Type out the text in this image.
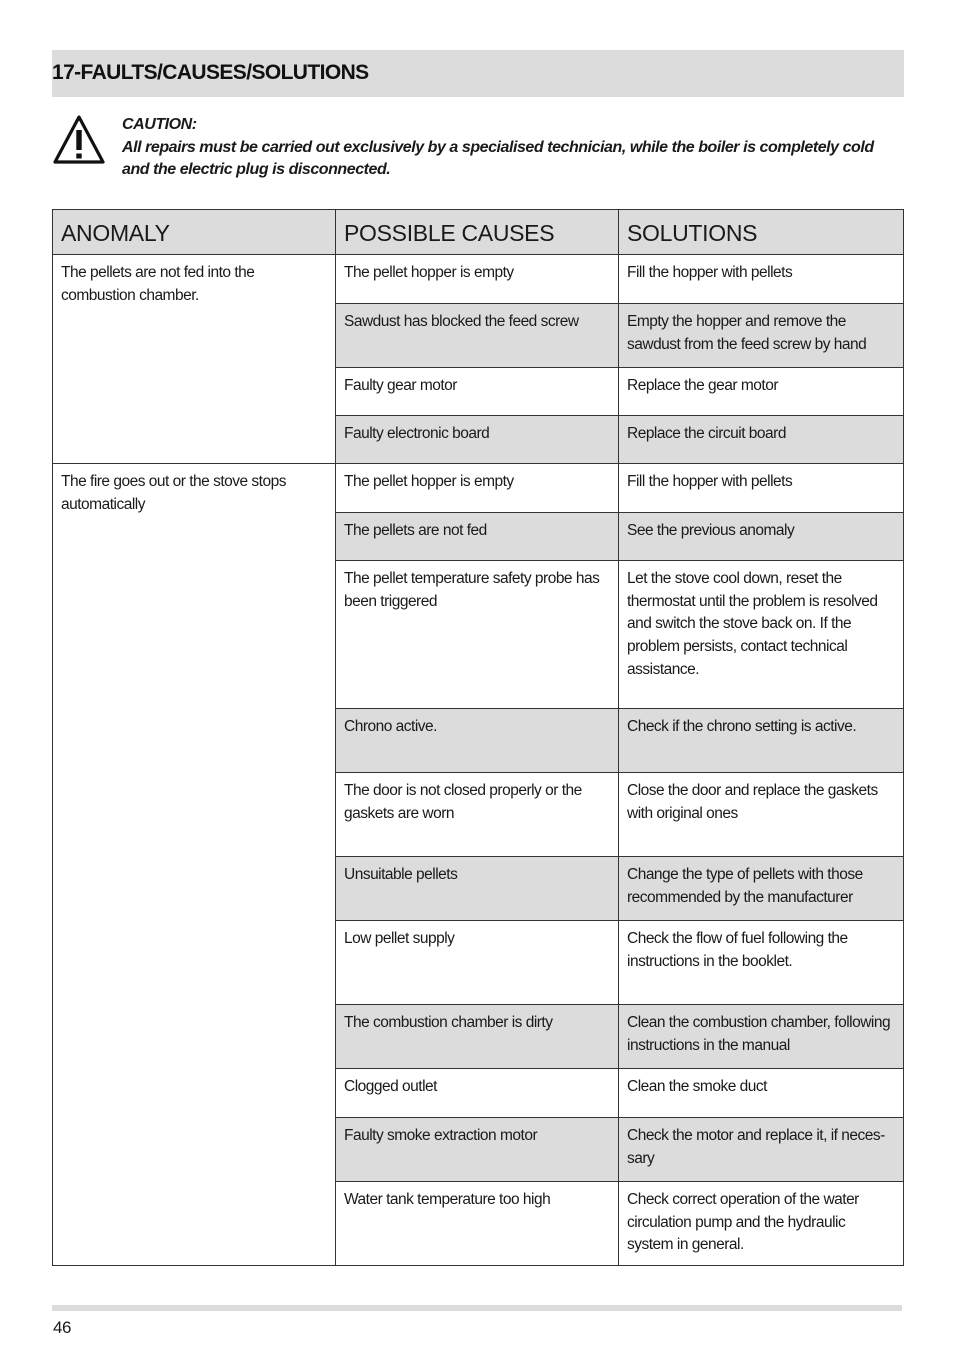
17-FAULTS/CAUSES/SOLUTIONS

CAUTION:

All repairs must be carried out exclusively by a specialised technician, while the boiler is completely cold and the electric plug is disconnected.

ANOMALY	POSSIBLE CAUSES	SOLUTIONS
The pellets are not fed into the combustion chamber.	The pellet hopper is empty	Fill the hopper with pellets
	Sawdust has blocked the feed screw	Empty the hopper and remove the sawdust from the feed screw by hand
	Faulty gear motor	Replace the gear motor
	Faulty electronic board	Replace the circuit board
The fire goes out or the stove stops automatically	The pellet hopper is empty	Fill the hopper with pellets
	The pellets are not fed	See the previous anomaly
	The pellet temperature safety probe has been triggered	Let the stove cool down, reset the thermostat until the problem is resolved and switch the stove back on. If the problem persists, contact technical assistance.
	Chrono active.	Check if the chrono setting is active.
	The door is not closed properly or the gaskets are worn	Close the door and replace the gaskets with original ones
	Unsuitable pellets	Change the type of pellets with those recommended by the manufacturer
	Low pellet supply	Check the flow of fuel following the instructions in the booklet.
	The combustion chamber is dirty	Clean the combustion chamber, following instructions in the manual
	Clogged outlet	Clean the smoke duct
	Faulty smoke extraction motor	Check the motor and replace it, if neces-sary
	Water tank temperature too high	Check correct operation of the water circulation pump and the hydraulic system in general.
46
